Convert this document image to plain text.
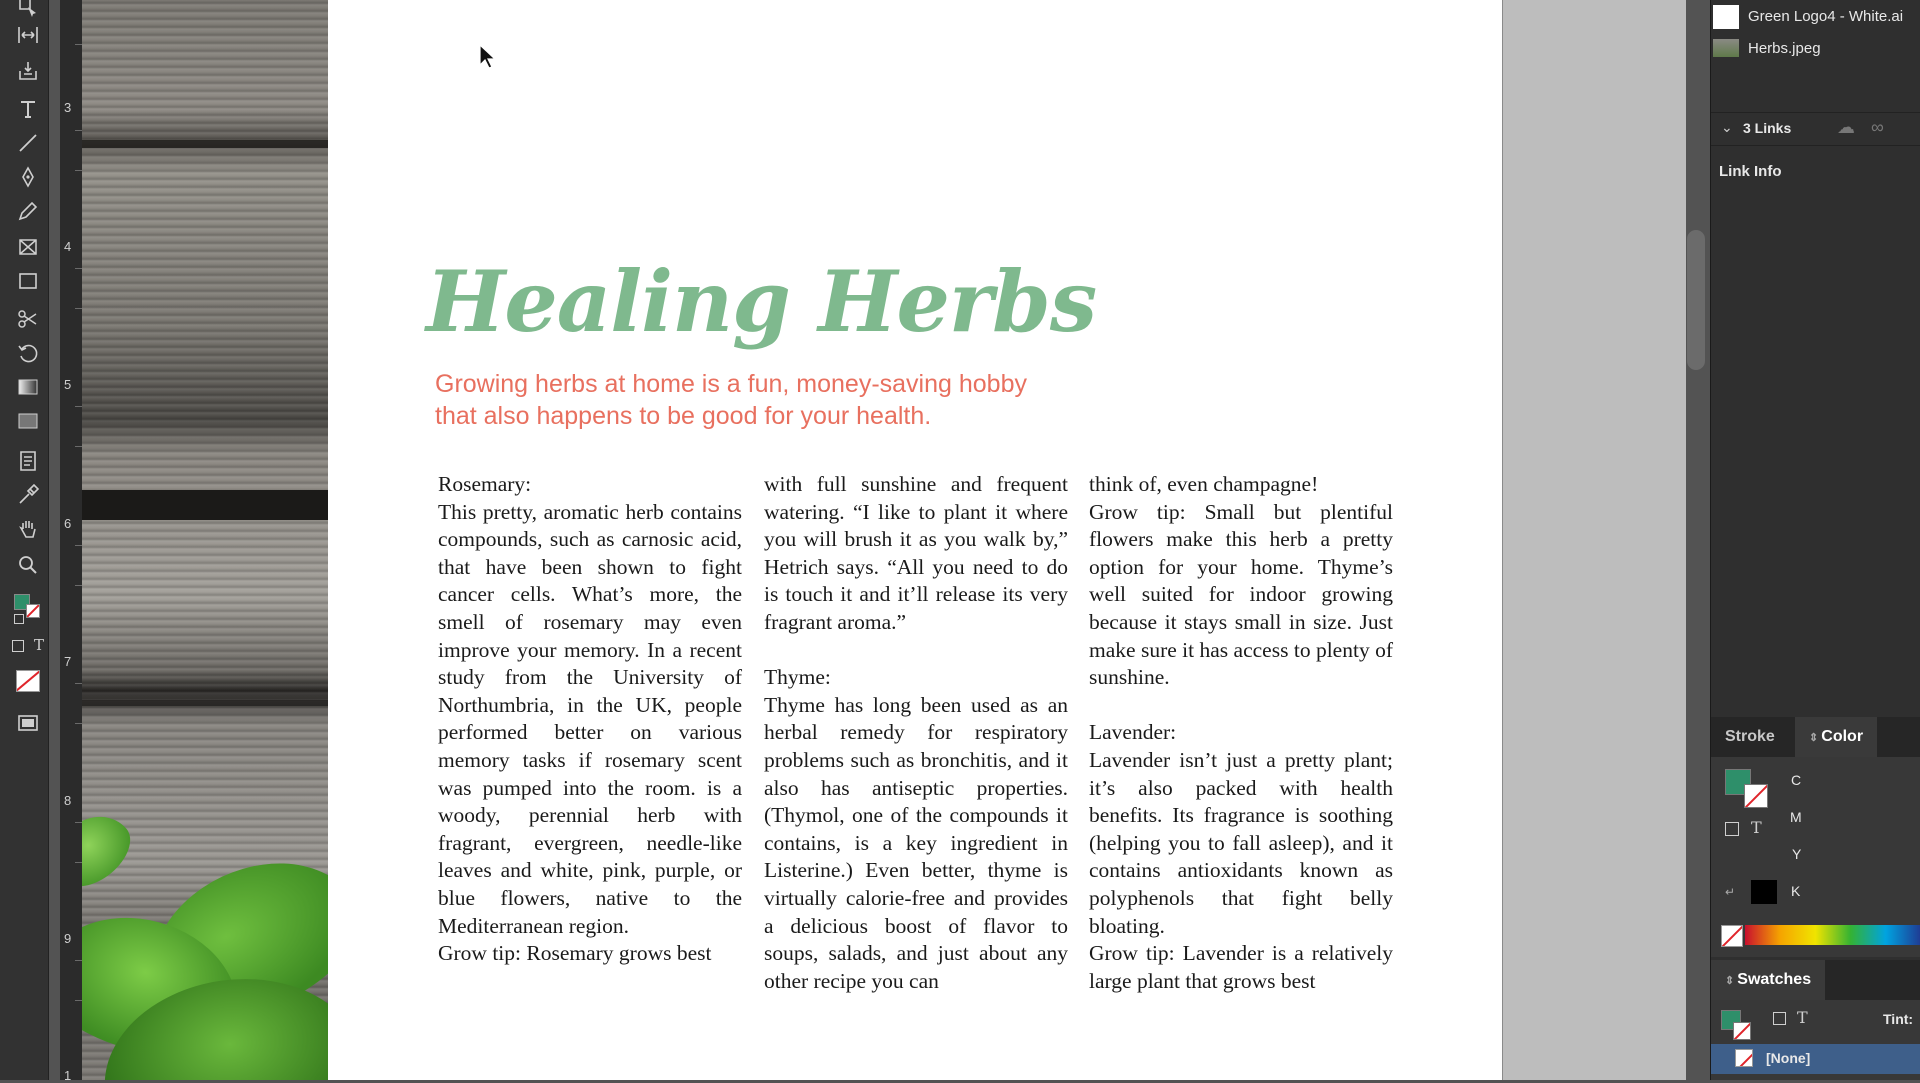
T
3
4
5
6
7
8
9
1
Healing Herbs
Growing herbs at home is a fun, money-saving hobby that also happens to be good for your health.

Rosemary:

This pretty, aromatic herb contains compounds, such as carnosic acid, that have been shown to fight cancer cells. What’s more, the smell of rosemary may even improve your memory. In a recent study from the University of Northumbria, in the UK, people performed better on various memory tasks if rosemary scent was pumped into the room. is a woody, perennial herb with fragrant, evergreen, needle-like leaves and white, pink, purple, or blue flowers, native to the Mediterranean region.

Grow tip: Rosemary grows best

with full sunshine and frequent watering. “I like to plant it where you will brush it as you walk by,” Hetrich says. “All you need to do is touch it and it’ll release its very fragrant aroma.”

Thyme:

Thyme has long been used as an herbal remedy for respiratory problems such as bronchitis, and it also has antiseptic properties. (Thymol, one of the compounds it contains, is a key ingredient in Listerine.) Even better, thyme is virtually calorie-free and provides a delicious boost of flavor to soups, salads, and just about any other recipe you can

think of, even champagne!

Grow tip: Small but plentiful flowers make this herb a pretty option for your home. Thyme’s well suited for indoor growing because it stays small in size. Just make sure it has access to plenty of sunshine.

Lavender:

Lavender isn’t just a pretty plant; it’s also packed with health benefits. Its fragrance is soothing (helping you to fall asleep), and it contains antioxidants known as polyphenols that fight belly bloating.

Grow tip: Lavender is a relatively large plant that grows best

Green Logo4 - White.ai
Herbs.jpeg
⌄ 3 Links	☁ ∞
Link Info
Stroke	⇕ Color
T
↵
C
M
Y
K
⇕ Swatches
T	Tint:
[None]
